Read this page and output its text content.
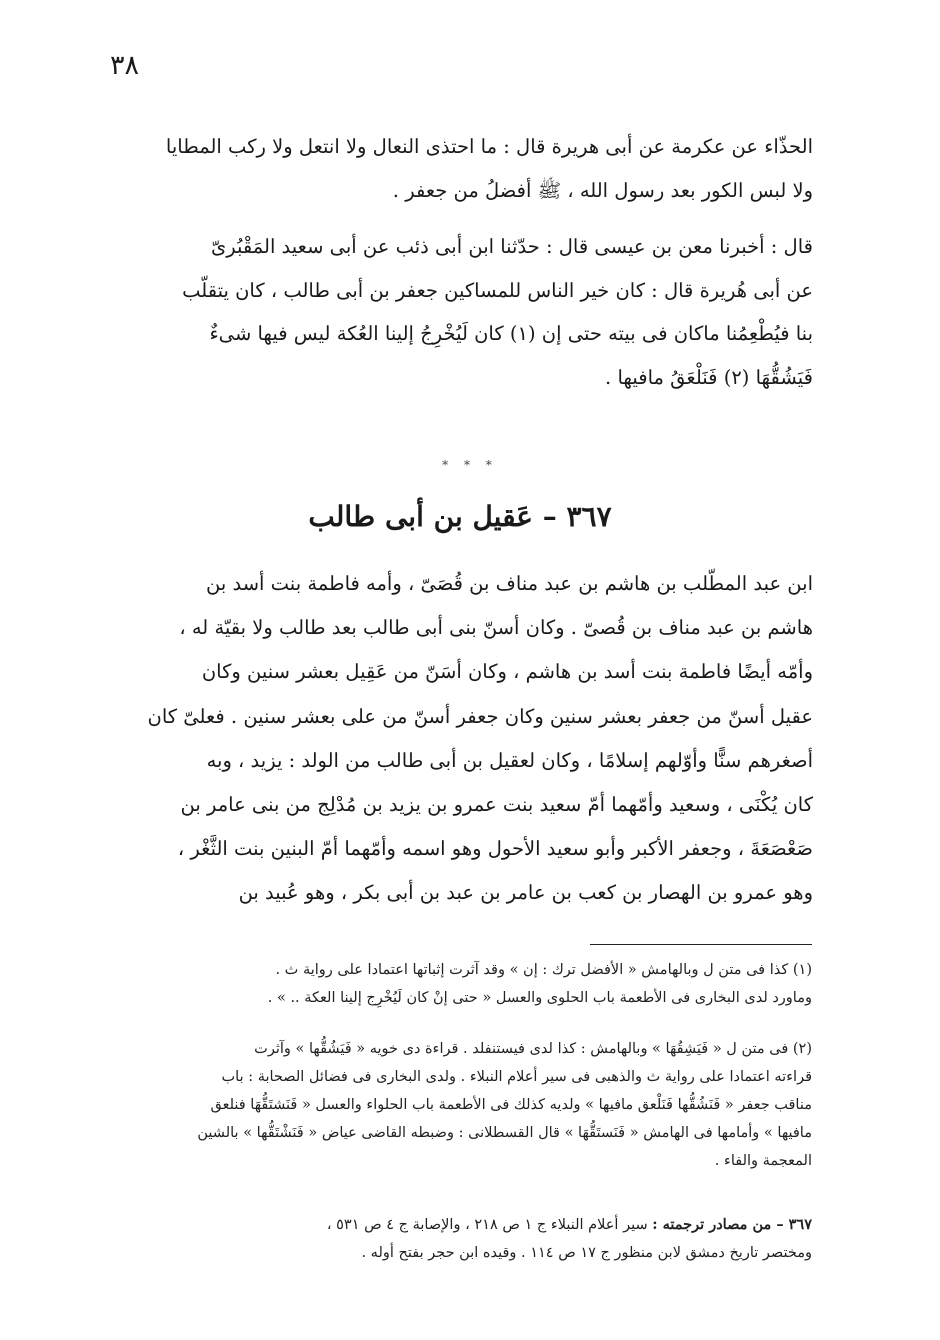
٣٨
الحذّاء عن عكرمة عن أبى هريرة قال : ما احتذى النعال ولا انتعل ولا ركب المطايا
ولا لبس الكور بعد رسول الله ، ﷺ أفضلُ من جعفر .
قال : أخبرنا معن بن عيسى قال : حدّثنا ابن أبى ذئب عن أبى سعيد المَقْبُرىّ
عن أبى هُريرة قال : كان خير الناس للمساكين جعفر بن أبى طالب ، كان يتقلّب
بنا فيُطْعِمُنا ماكان فى بيته حتى إن (١) كان لَيُخْرِجُ إلينا العُكة ليس فيها شىءٌ
فَيَشُقُّهَا (٢) فَنَلْعَقُ مافيها .
* * *
٣٦٧ – عَقيل بن أبى طالب
ابن عبد المطّلب بن هاشم بن عبد مناف بن قُصَىّ ، وأمه فاطمة بنت أسد بن
هاشم بن عبد مناف بن قُصىّ . وكان أسنّ بنى أبى طالب بعد طالب ولا بقيّة له ،
وأمّه أيضًا فاطمة بنت أسد بن هاشم ، وكان أسَنّ من عَقِيل بعشر سنين وكان
عقيل أسنّ من جعفر بعشر سنين وكان جعفر أسنّ من على بعشر سنين . فعلىّ كان
أصغرهم سنًّا وأوّلهم إسلامًا ، وكان لعقيل بن أبى طالب من الولد : يزيد ، وبه
كان يُكْنَى ، وسعيد وأمّهما أمّ سعيد بنت عمرو بن يزيد بن مُدْلِج من بنى عامر بن
صَعْصَعَةَ ، وجعفر الأكبر وأبو سعيد الأحول وهو اسمه وأمّهما أمّ البنين بنت الثَّغْر ،
وهو عمرو بن الهصار بن كعب بن عامر بن عبد بن أبى بكر ، وهو عُبيد بن
(١) كذا فى متن ل وبالهامش « الأفضل ترك : إن » وقد آثرت إثباتها اعتمادا على رواية ث .
وماورد لدى البخارى فى الأطعمة باب الحلوى والعسل « حتى إنْ كان لَيُخْرِج إلينا العكة .. » .
(٢) فى متن ل « فَيَشِقُهَا » وبالهامش : كذا لدى فيستنفلد . قراءة دى خويه « فَيَشُقُّها » وآثرت
قراءته اعتمادا على رواية ث والذهبى فى سير أعلام النبلاء . ولدى البخارى فى فضائل الصحابة : باب
مناقب جعفر « فَنَشُقُّها فَنَلْعق مافيها » ولديه كذلك فى الأطعمة باب الحلواء والعسل « فَنَشتَقُّهَا فنلعق
مافيها » وأمامها فى الهامش « فَنَستَقُّهَا » قال القسطلانى : وضبطه القاضى عياض « فَنَشْتَقُّها » بالشين
المعجمة والفاء .
٣٦٧ – من مصادر ترجمته : سير أعلام النبلاء ج ١ ص ٢١٨ ، والإصابة ج ٤ ص ٥٣١ ،
ومختصر تاريخ دمشق لابن منظور ج ١٧ ص ١١٤ . وقيده ابن حجر بفتح أوله .
